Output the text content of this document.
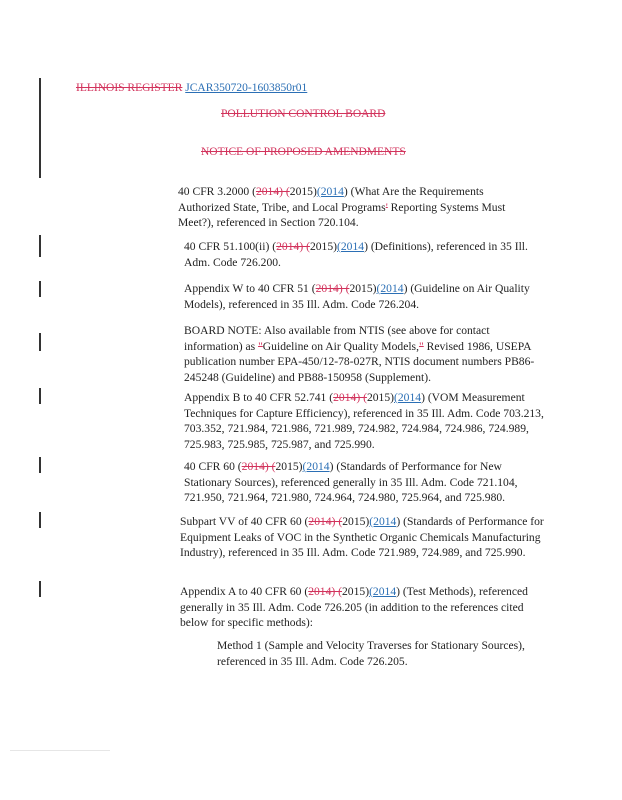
ILLINOIS REGISTER JCAR350720-1603850r01
POLLUTION CONTROL BOARD
NOTICE OF PROPOSED AMENDMENTS

40 CFR 3.2000 (2014) (2015)(2014) (What Are the Requirements Authorized State, Tribe, and Local Programs' Reporting Systems Must Meet?), referenced in Section 720.104.

40 CFR 51.100(ii) (2014) (2015)(2014) (Definitions), referenced in 35 Ill. Adm. Code 726.200.

Appendix W to 40 CFR 51 (2014) (2015)(2014) (Guideline on Air Quality Models), referenced in 35 Ill. Adm. Code 726.204.

BOARD NOTE: Also available from NTIS (see above for contact information) as "Guideline on Air Quality Models," Revised 1986, USEPA publication number EPA-450/12-78-027R, NTIS document numbers PB86-245248 (Guideline) and PB88-150958 (Supplement).

Appendix B to 40 CFR 52.741 (2014) (2015)(2014) (VOM Measurement Techniques for Capture Efficiency), referenced in 35 Ill. Adm. Code 703.213, 703.352, 721.984, 721.986, 721.989, 724.982, 724.984, 724.986, 724.989, 725.983, 725.985, 725.987, and 725.990.

40 CFR 60 (2014) (2015)(2014) (Standards of Performance for New Stationary Sources), referenced generally in 35 Ill. Adm. Code 721.104, 721.950, 721.964, 721.980, 724.964, 724.980, 725.964, and 725.980.

Subpart VV of 40 CFR 60 (2014) (2015)(2014) (Standards of Performance for Equipment Leaks of VOC in the Synthetic Organic Chemicals Manufacturing Industry), referenced in 35 Ill. Adm. Code 721.989, 724.989, and 725.990.

Appendix A to 40 CFR 60 (2014) (2015)(2014) (Test Methods), referenced generally in 35 Ill. Adm. Code 726.205 (in addition to the references cited below for specific methods):

Method 1 (Sample and Velocity Traverses for Stationary Sources), referenced in 35 Ill. Adm. Code 726.205.
